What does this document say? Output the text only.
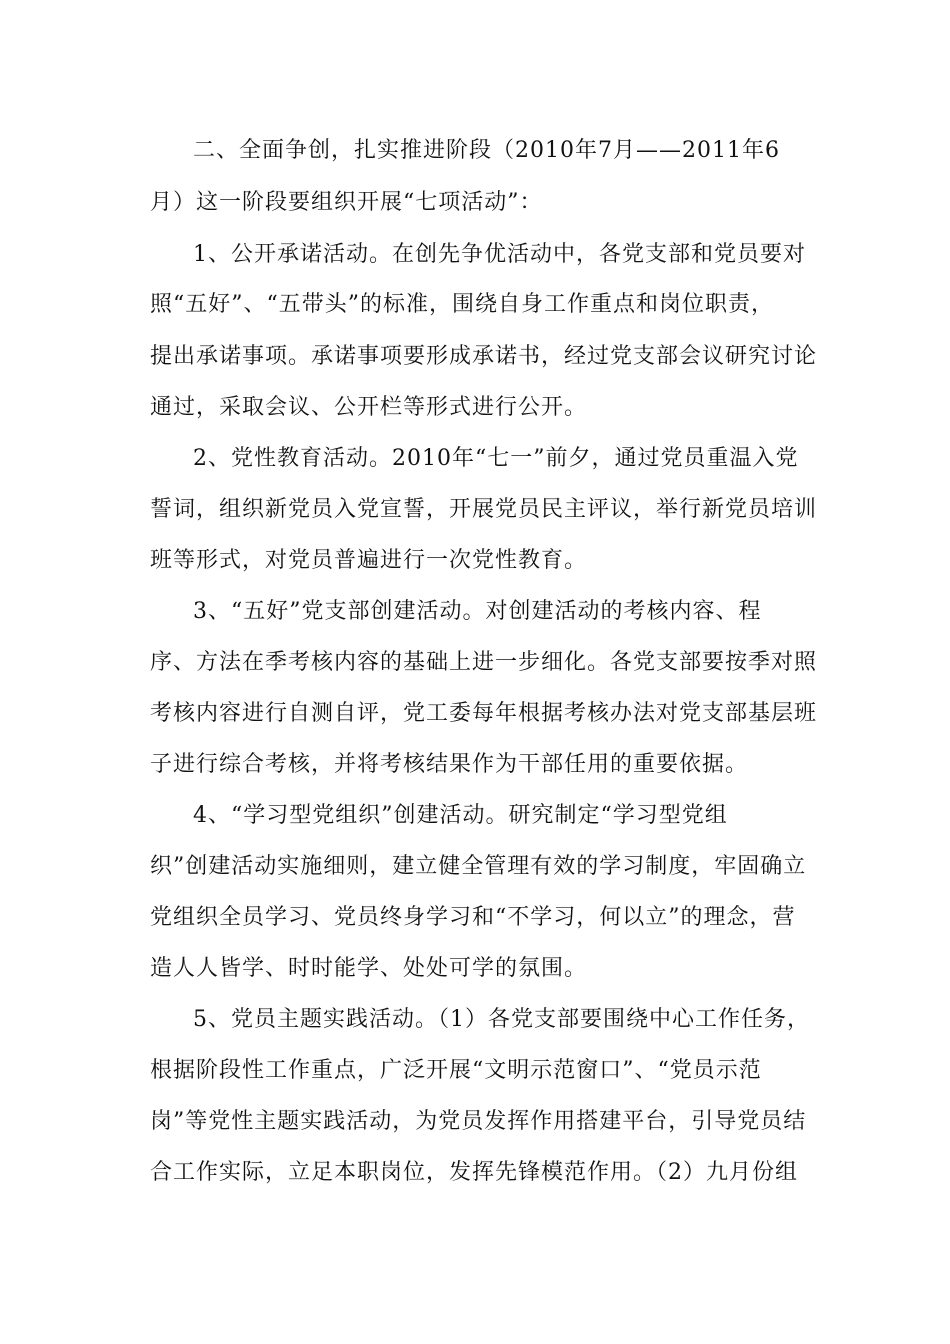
二、全面争创，扎实推进阶段（2010年7月——2011年6
月）这一阶段要组织开展“七项活动”：
1、公开承诺活动。在创先争优活动中，各党支部和党员要对
照“五好”、“五带头”的标准，围绕自身工作重点和岗位职责，
提出承诺事项。承诺事项要形成承诺书，经过党支部会议研究讨论
通过，采取会议、公开栏等形式进行公开。
2、党性教育活动。2010年“七一”前夕，通过党员重温入党
誓词，组织新党员入党宣誓，开展党员民主评议，举行新党员培训
班等形式，对党员普遍进行一次党性教育。
3、“五好”党支部创建活动。对创建活动的考核内容、程
序、方法在季考核内容的基础上进一步细化。各党支部要按季对照
考核内容进行自测自评，党工委每年根据考核办法对党支部基层班
子进行综合考核，并将考核结果作为干部任用的重要依据。
4、“学习型党组织”创建活动。研究制定“学习型党组
织”创建活动实施细则，建立健全管理有效的学习制度，牢固确立
党组织全员学习、党员终身学习和“不学习，何以立”的理念，营
造人人皆学、时时能学、处处可学的氛围。
5、党员主题实践活动。（1）各党支部要围绕中心工作任务，
根据阶段性工作重点，广泛开展“文明示范窗口”、“党员示范
岗”等党性主题实践活动，为党员发挥作用搭建平台，引导党员结
合工作实际，立足本职岗位，发挥先锋模范作用。（2）九月份组
